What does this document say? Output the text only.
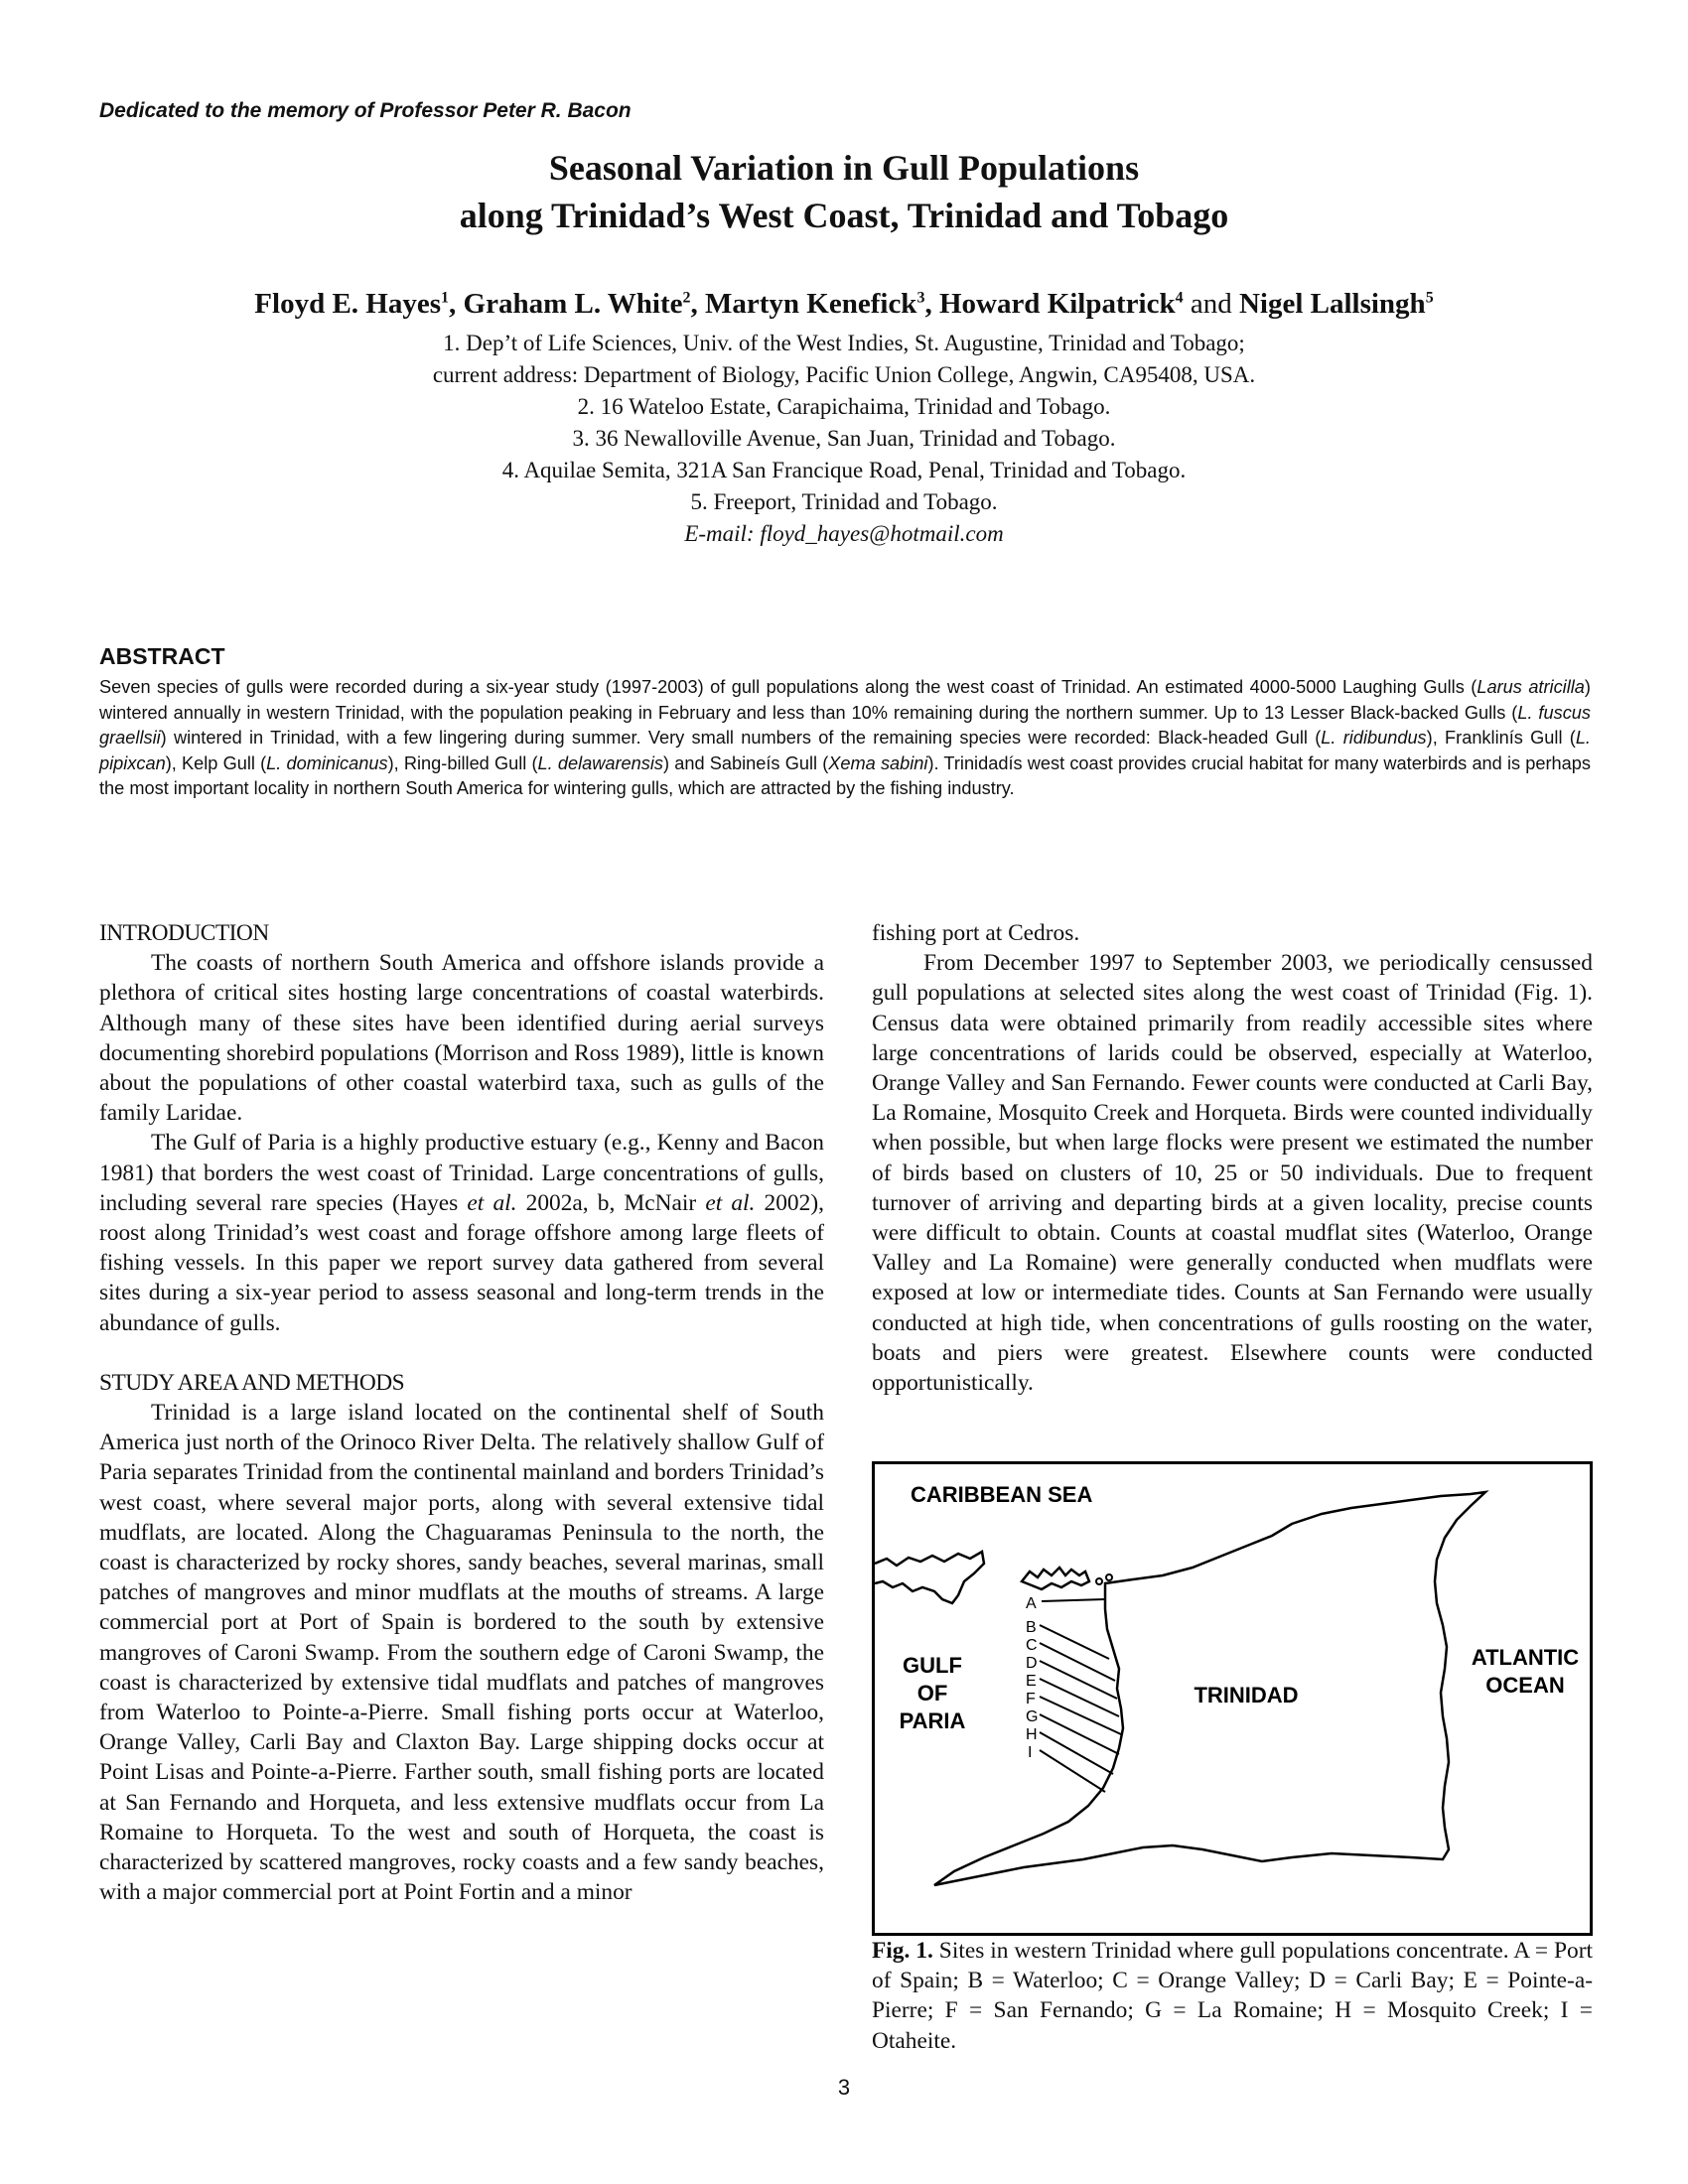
Dedicated to the memory of Professor Peter R. Bacon
Seasonal Variation in Gull Populations
along Trinidad’s West Coast, Trinidad and Tobago
Floyd E. Hayes$^1$, Graham L. White$^2$, Martyn Kenefick$^3$, Howard Kilpatrick$^4$ and Nigel Lallsingh$^5$
1. Dep’t of Life Sciences, Univ. of the West Indies, St. Augustine, Trinidad and Tobago;
current address: Department of Biology, Pacific Union College, Angwin, CA95408, USA.
2. 16 Wateloo Estate, Carapichaima, Trinidad and Tobago.
3. 36 Newalloville Avenue, San Juan, Trinidad and Tobago.
4. Aquilae Semita, 321A San Francique Road, Penal, Trinidad and Tobago.
5. Freeport, Trinidad and Tobago.
E-mail: floyd_hayes@hotmail.com
ABSTRACT
Seven species of gulls were recorded during a six-year study (1997-2003) of gull populations along the west coast of Trinidad. An estimated 4000-5000 Laughing Gulls (Larus atricilla) wintered annually in western Trinidad, with the population peaking in February and less than 10% remaining during the northern summer. Up to 13 Lesser Black-backed Gulls (L. fuscus graellsii) wintered in Trinidad, with a few lingering during summer. Very small numbers of the remaining species were recorded: Black-headed Gull (L. ridibundus), Franklinís Gull (L. pipixcan), Kelp Gull (L. dominicanus), Ring-billed Gull (L. delawarensis) and Sabineís Gull (Xema sabini). Trinidadís west coast provides crucial habitat for many waterbirds and is perhaps the most important locality in northern South America for wintering gulls, which are attracted by the fishing industry.
INTRODUCTION

The coasts of northern South America and offshore islands provide a plethora of critical sites hosting large concentrations of coastal waterbirds. Although many of these sites have been identified during aerial surveys documenting shorebird populations (Morrison and Ross 1989), little is known about the populations of other coastal waterbird taxa, such as gulls of the family Laridae.

The Gulf of Paria is a highly productive estuary (e.g., Kenny and Bacon 1981) that borders the west coast of Trinidad. Large concentrations of gulls, including several rare species (Hayes et al. 2002a, b, McNair et al. 2002), roost along Trinidad’s west coast and forage offshore among large fleets of fishing vessels. In this paper we report survey data gathered from several sites during a six-year period to assess seasonal and long-term trends in the abundance of gulls.

STUDY AREA AND METHODS

Trinidad is a large island located on the continental shelf of South America just north of the Orinoco River Delta. The relatively shallow Gulf of Paria separates Trinidad from the continental mainland and borders Trinidad’s west coast, where several major ports, along with several extensive tidal mudflats, are located. Along the Chaguaramas Peninsula to the north, the coast is characterized by rocky shores, sandy beaches, several marinas, small patches of mangroves and minor mudflats at the mouths of streams. A large commercial port at Port of Spain is bordered to the south by extensive mangroves of Caroni Swamp. From the southern edge of Caroni Swamp, the coast is characterized by extensive tidal mudflats and patches of mangroves from Waterloo to Pointe-a-Pierre. Small fishing ports occur at Waterloo, Orange Valley, Carli Bay and Claxton Bay. Large shipping docks occur at Point Lisas and Pointe-a-Pierre. Farther south, small fishing ports are located at San Fernando and Horqueta, and less extensive mudflats occur from La Romaine to Horqueta. To the west and south of Horqueta, the coast is characterized by scattered mangroves, rocky coasts and a few sandy beaches, with a major commercial port at Point Fortin and a minor

fishing port at Cedros.

From December 1997 to September 2003, we periodically censussed gull populations at selected sites along the west coast of Trinidad (Fig. 1). Census data were obtained primarily from readily accessible sites where large concentrations of larids could be observed, especially at Waterloo, Orange Valley and San Fernando. Fewer counts were conducted at Carli Bay, La Romaine, Mosquito Creek and Horqueta. Birds were counted individually when possible, but when large flocks were present we estimated the number of birds based on clusters of 10, 25 or 50 individuals. Due to frequent turnover of arriving and departing birds at a given locality, precise counts were difficult to obtain. Counts at coastal mudflat sites (Waterloo, Orange Valley and La Romaine) were generally conducted when mudflats were exposed at low or intermediate tides. Counts at San Fernando were usually conducted at high tide, when concentrations of gulls roosting on the water, boats and piers were greatest. Elsewhere counts were conducted opportunistically.

CARIBBEAN SEA
GULF
OF
PARIA
TRINIDAD
ATLANTIC
OCEAN
A
B
C
D
E
F
G
H
I
Fig. 1. Sites in western Trinidad where gull populations concentrate. A = Port of Spain; B = Waterloo; C = Orange Valley; D = Carli Bay; E = Pointe-a-Pierre; F = San Fernando; G = La Romaine; H = Mosquito Creek; I = Otaheite.
3
